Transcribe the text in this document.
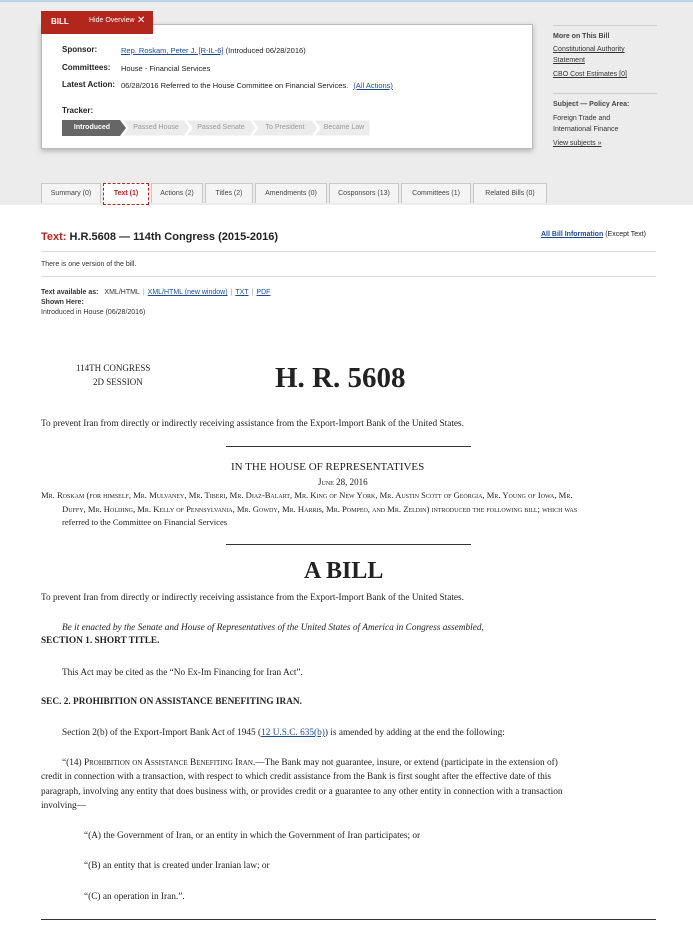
BILL	Hide Overview ✕
Sponsor:	Rep. Roskam, Peter J. [R-IL-6] (Introduced 06/28/2016)
Committees: House - Financial Services
Latest Action: 06/28/2016 Referred to the House Committee on Financial Services. (All Actions)
Tracker:
Introduced	Passed House	Passed Senate	To President	Became Law
More on This Bill
Constitutional Authority
Statement
CBO Cost Estimates [0]
Subject — Policy Area:
Foreign Trade and
International Finance
View subjects »
Summary (0)	Text (1)	Actions (2)	Titles (2)	Amendments (0)	Cosponsors (13)	Committees (1)	Related Bills (0)
Text: H.R.5608 — 114th Congress (2015-2016)	All Bill Information (Except Text)
There is one version of the bill.
Text available as: XML/HTML | XML/HTML (new window) | TXT | PDF
Shown Here:
Introduced in House (06/28/2016)
114TH CONGRESS
2D SESSION	H. R. 5608
To prevent Iran from directly or indirectly receiving assistance from the Export-Import Bank of the United States.
IN THE HOUSE OF REPRESENTATIVES
June 28, 2016
Mr. Roskam (for himself, Mr. Mulvaney, Mr. Tiberi, Mr. Diaz-Balart, Mr. King of New York, Mr. Austin Scott of Georgia, Mr. Young of Iowa, Mr.
Duffy, Mr. Holding, Mr. Kelly of Pennsylvania, Mr. Gowdy, Mr. Harris, Mr. Pompeo, and Mr. Zeldin) introduced the following bill; which was
referred to the Committee on Financial Services
A BILL
To prevent Iran from directly or indirectly receiving assistance from the Export-Import Bank of the United States.
Be it enacted by the Senate and House of Representatives of the United States of America in Congress assembled,
SECTION 1. SHORT TITLE.
This Act may be cited as the “No Ex-Im Financing for Iran Act”.
SEC. 2. PROHIBITION ON ASSISTANCE BENEFITING IRAN.
Section 2(b) of the Export-Import Bank Act of 1945 (12 U.S.C. 635(b)) is amended by adding at the end the following:
“(14) Prohibition on Assistance Benefiting Iran.—The Bank may not guarantee, insure, or extend (participate in the extension of)
credit in connection with a transaction, with respect to which credit assistance from the Bank is first sought after the effective date of this
paragraph, involving any entity that does business with, or provides credit or a guarantee to any other entity in connection with a transaction
involving—
“(A) the Government of Iran, or an entity in which the Government of Iran participates; or
“(B) an entity that is created under Iranian law; or
“(C) an operation in Iran.”.
